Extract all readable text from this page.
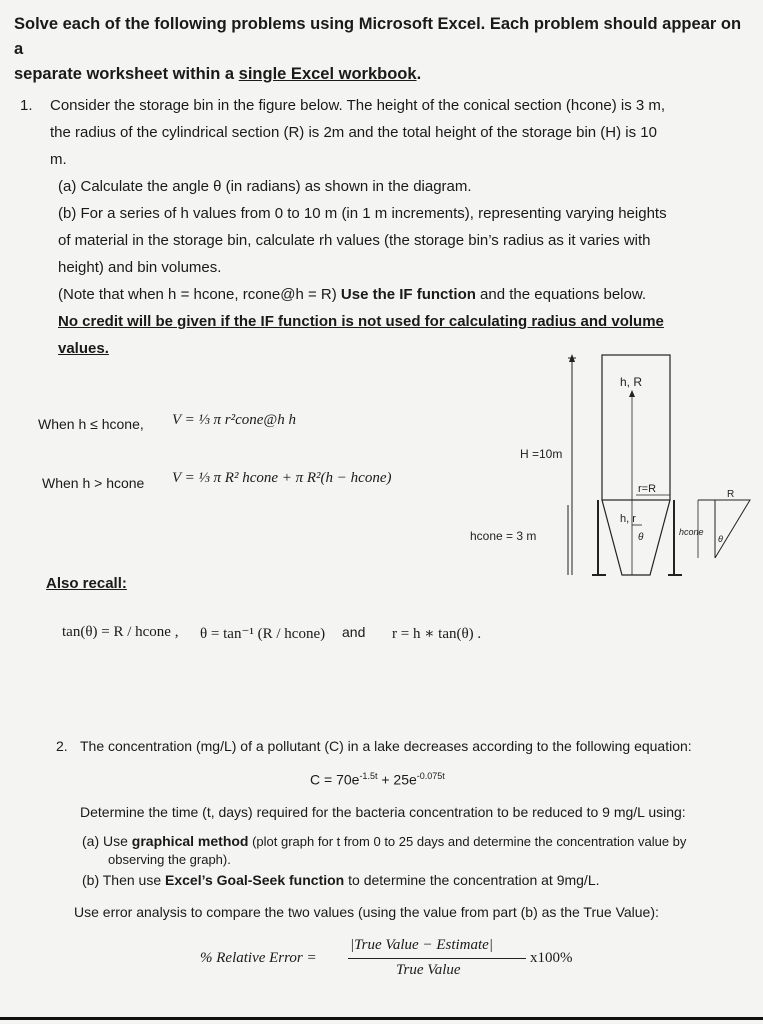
Solve each of the following problems using Microsoft Excel. Each problem should appear on a
separate worksheet within a single Excel workbook.
1. Consider the storage bin in the figure below. The height of the conical section (hcone) is 3 m,
the radius of the cylindrical section (R) is 2m and the total height of the storage bin (H) is 10
m.
(a) Calculate the angle θ (in radians) as shown in the diagram.
(b) For a series of h values from 0 to 10 m (in 1 m increments), representing varying heights
of material in the storage bin, calculate rh values (the storage bin’s radius as it varies with
height) and bin volumes.
(Note that when h = hcone, rcone@h = R) Use the IF function and the equations below.
No credit will be given if the IF function is not used for calculating radius and volume
values.
When h ≤ hcone, V = ⅓ π r²cone@h h
When h > hcone V = ⅓ π R² hcone + π R²(h − hcone)
Also recall:
tan(θ) = R / hcone , θ = tan⁻¹ (R / hcone) and r = h ∗ tan(θ) .
H =10m
hcone = 3 m
h, R
r=R
h, r
θ
R
hcone
θ
2. The concentration (mg/L) of a pollutant (C) in a lake decreases according to the following equation:
$C = 70e^{-1.5t} + 25e^{-0.075t}$
Determine the time (t, days) required for the bacteria concentration to be reduced to 9 mg/L using:
(a) Use graphical method (plot graph for t from 0 to 25 days and determine the concentration value by
observing the graph).
(b) Then use Excel’s Goal-Seek function to determine the concentration at 9mg/L.
Use error analysis to compare the two values (using the value from part (b) as the True Value):
% Relative Error =
|True Value − Estimate|
True Value
x100%
